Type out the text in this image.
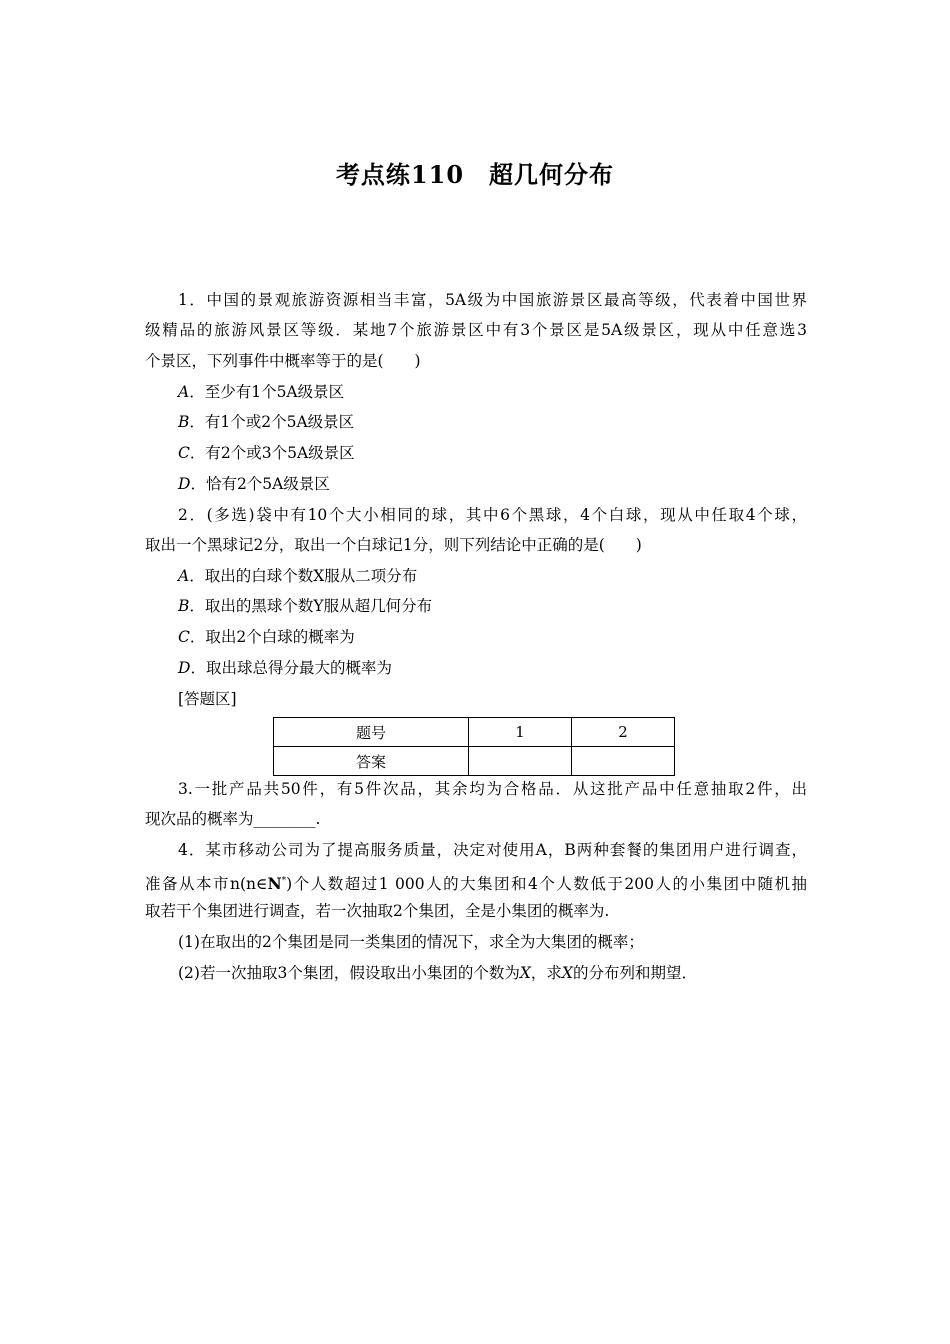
考点练110　超几何分布
1．中国的景观旅游资源相当丰富，5A级为中国旅游景区最高等级，代表着中国世界
级精品的旅游风景区等级．某地7个旅游景区中有3个景区是5A级景区，现从中任意选3
个景区，下列事件中概率等于的是(　　)
A．至少有1个5A级景区
B．有1个或2个5A级景区
C．有2个或3个5A级景区
D．恰有2个5A级景区
2．(多选)袋中有10个大小相同的球，其中6个黑球，4个白球，现从中任取4个球，
取出一个黑球记2分，取出一个白球记1分，则下列结论中正确的是(　　)
A．取出的白球个数X服从二项分布
B．取出的黑球个数Y服从超几何分布
C．取出2个白球的概率为
D．取出球总得分最大的概率为
[答题区]
题号	1	2
答案		
3.一批产品共50件，有5件次品，其余均为合格品．从这批产品中任意抽取2件，出
现次品的概率为________.
4．某市移动公司为了提高服务质量，决定对使用A，B两种套餐的集团用户进行调查，
准备从本市n(n∈N*)个人数超过1 000人的大集团和4个人数低于200人的小集团中随机抽
取若干个集团进行调查，若一次抽取2个集团，全是小集团的概率为.
(1)在取出的2个集团是同一类集团的情况下，求全为大集团的概率；
(2)若一次抽取3个集团，假设取出小集团的个数为X，求X的分布列和期望．
